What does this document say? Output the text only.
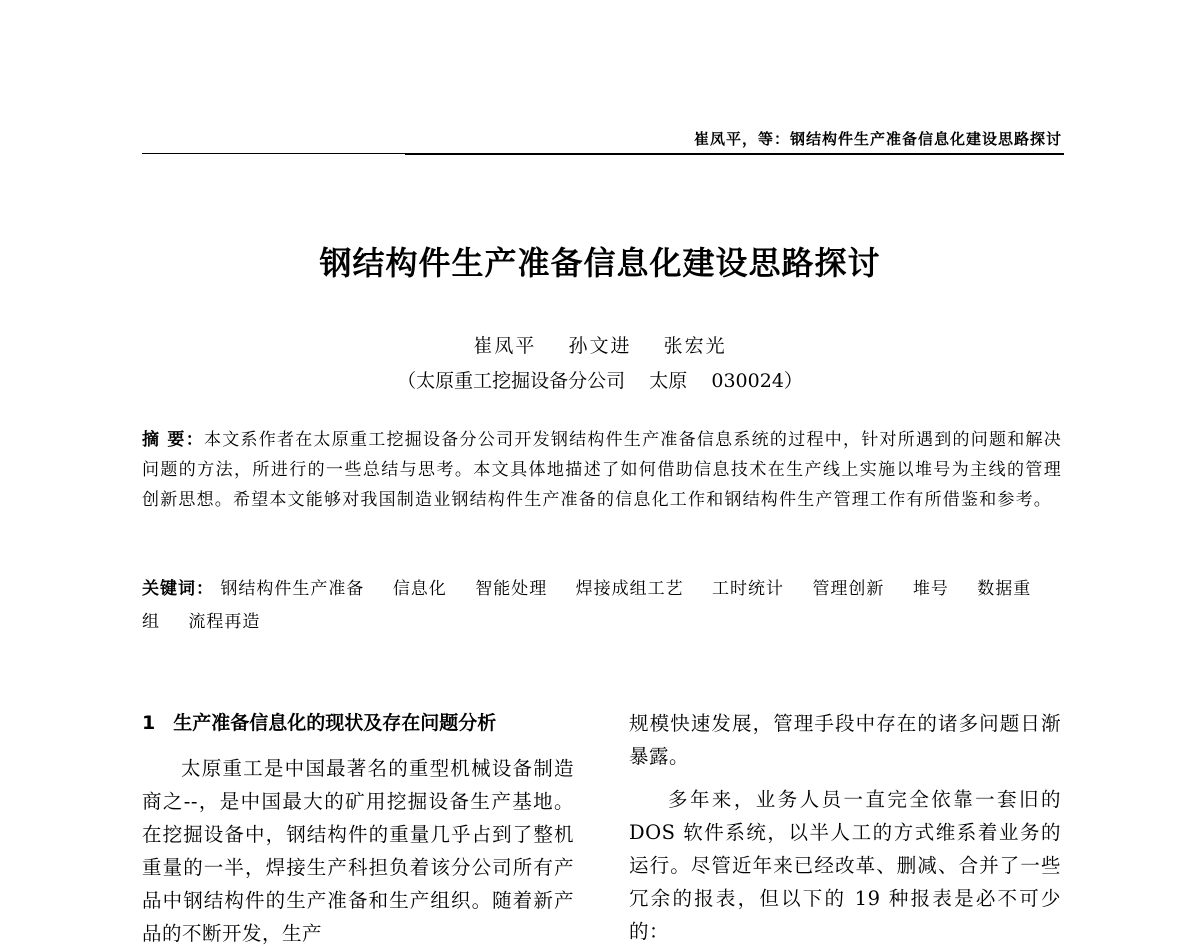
崔凤平，等：钢结构件生产准备信息化建设思路探讨
钢结构件生产准备信息化建设思路探讨
崔凤平    孙文进    张宏光
（太原重工挖掘设备分公司    太原    030024）
摘 要：本文系作者在太原重工挖掘设备分公司开发钢结构件生产准备信息系统的过程中，针对所遇到的问题和解决问题的方法，所进行的一些总结与思考。本文具体地描述了如何借助信息技术在生产线上实施以堆号为主线的管理创新思想。希望本文能够对我国制造业钢结构件生产准备的信息化工作和钢结构件生产管理工作有所借鉴和参考。
关键词： 钢结构件生产准备 信息化 智能处理 焊接成组工艺 工时统计 管理创新 堆号 数据重组 流程再造
1 生产准备信息化的现状及存在问题分析

太原重工是中国最著名的重型机械设备制造商之--，是中国最大的矿用挖掘设备生产基地。在挖掘设备中，钢结构件的重量几乎占到了整机重量的一半，焊接生产科担负着该分公司所有产品中钢结构件的生产准备和生产组织。随着新产品的不断开发，生产

规模快速发展，管理手段中存在的诸多问题日渐暴露。

多年来，业务人员一直完全依靠一套旧的 DOS 软件系统，以半人工的方式维系着业务的运行。尽管近年来已经改革、删减、合并了一些冗余的报表，但以下的 19 种报表是必不可少的：
